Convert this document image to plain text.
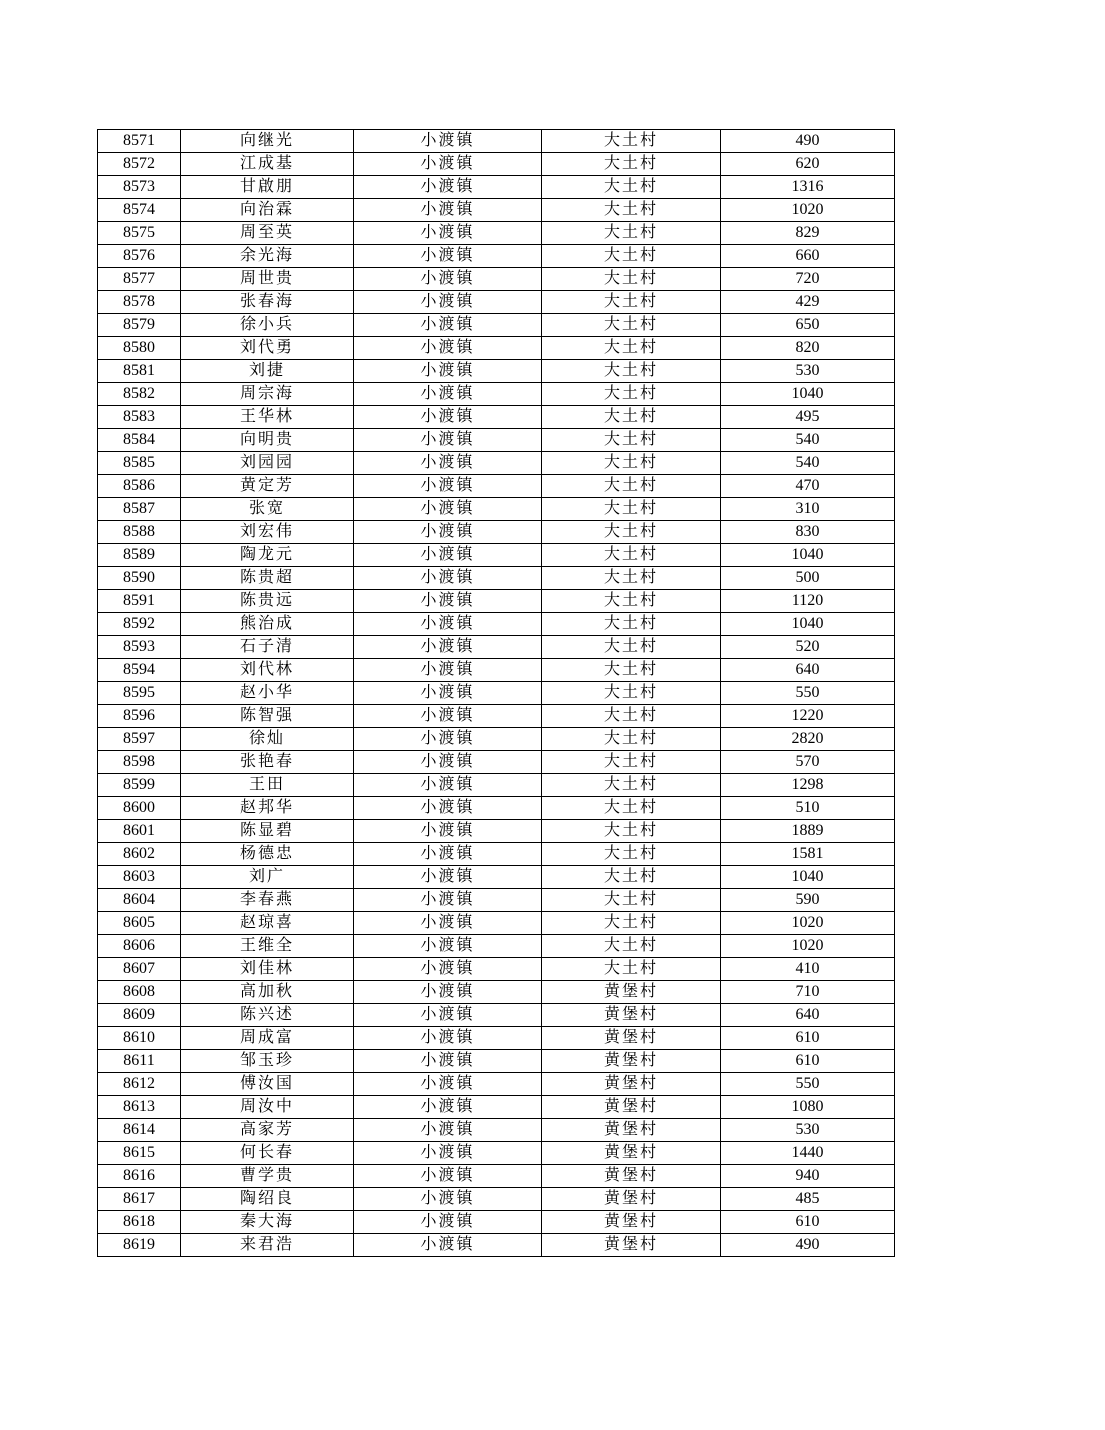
8571	向继光	小渡镇	大土村	490
8572	江成基	小渡镇	大土村	620
8573	甘啟朋	小渡镇	大土村	1316
8574	向治霖	小渡镇	大土村	1020
8575	周至英	小渡镇	大土村	829
8576	余光海	小渡镇	大土村	660
8577	周世贵	小渡镇	大土村	720
8578	张春海	小渡镇	大土村	429
8579	徐小兵	小渡镇	大土村	650
8580	刘代勇	小渡镇	大土村	820
8581	刘捷	小渡镇	大土村	530
8582	周宗海	小渡镇	大土村	1040
8583	王华林	小渡镇	大土村	495
8584	向明贵	小渡镇	大土村	540
8585	刘园园	小渡镇	大土村	540
8586	黄定芳	小渡镇	大土村	470
8587	张宽	小渡镇	大土村	310
8588	刘宏伟	小渡镇	大土村	830
8589	陶龙元	小渡镇	大土村	1040
8590	陈贵超	小渡镇	大土村	500
8591	陈贵远	小渡镇	大土村	1120
8592	熊治成	小渡镇	大土村	1040
8593	石子清	小渡镇	大土村	520
8594	刘代林	小渡镇	大土村	640
8595	赵小华	小渡镇	大土村	550
8596	陈智强	小渡镇	大土村	1220
8597	徐灿	小渡镇	大土村	2820
8598	张艳春	小渡镇	大土村	570
8599	王田	小渡镇	大土村	1298
8600	赵邦华	小渡镇	大土村	510
8601	陈显碧	小渡镇	大土村	1889
8602	杨德忠	小渡镇	大土村	1581
8603	刘广	小渡镇	大土村	1040
8604	李春燕	小渡镇	大土村	590
8605	赵琼喜	小渡镇	大土村	1020
8606	王维全	小渡镇	大土村	1020
8607	刘佳林	小渡镇	大土村	410
8608	高加秋	小渡镇	黄堡村	710
8609	陈兴述	小渡镇	黄堡村	640
8610	周成富	小渡镇	黄堡村	610
8611	邹玉珍	小渡镇	黄堡村	610
8612	傅汝国	小渡镇	黄堡村	550
8613	周汝中	小渡镇	黄堡村	1080
8614	高家芳	小渡镇	黄堡村	530
8615	何长春	小渡镇	黄堡村	1440
8616	曹学贵	小渡镇	黄堡村	940
8617	陶绍良	小渡镇	黄堡村	485
8618	秦大海	小渡镇	黄堡村	610
8619	来君浩	小渡镇	黄堡村	490
